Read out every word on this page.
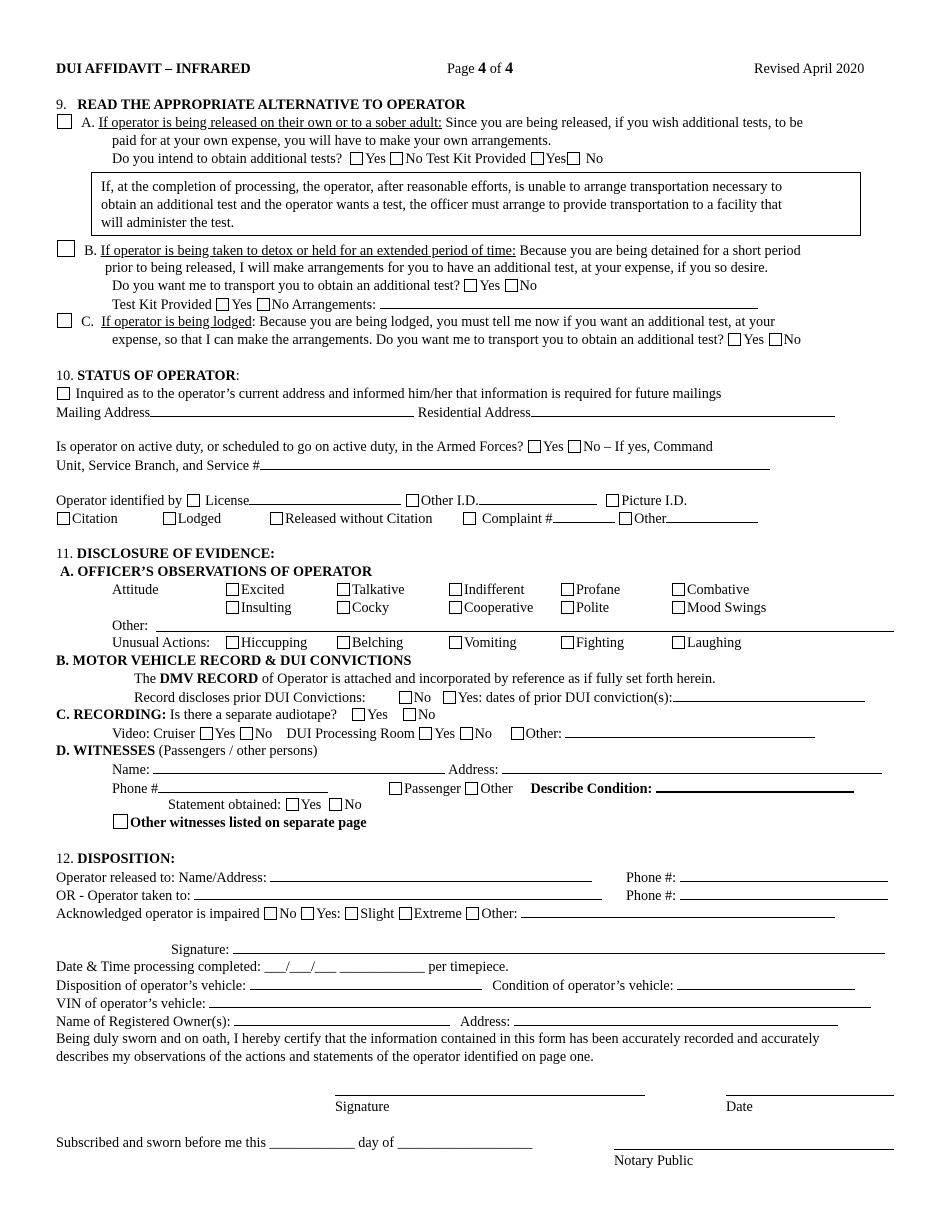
DUI AFFIDAVIT – INFRARED	Page 4 of 4	Revised April 2020
9. READ THE APPROPRIATE ALTERNATIVE TO OPERATOR
A. If operator is being released on their own or to a sober adult: Since you are being released, if you wish additional tests, to be
paid for at your own expense, you will have to make your own arrangements.
Do you intend to obtain additional tests? Yes No Test Kit Provided Yes No
If, at the completion of processing, the operator, after reasonable efforts, is unable to arrange transportation necessary to
obtain an additional test and the operator wants a test, the officer must arrange to provide transportation to a facility that
will administer the test.
B. If operator is being taken to detox or held for an extended period of time: Because you are being detained for a short period
prior to being released, I will make arrangements for you to have an additional test, at your expense, if you so desire.
Do you want me to transport you to obtain an additional test? Yes No
Test Kit Provided Yes No Arrangements:
C. If operator is being lodged: Because you are being lodged, you must tell me now if you want an additional test, at your
expense, so that I can make the arrangements. Do you want me to transport you to obtain an additional test? Yes No
10. STATUS OF OPERATOR:
Inquired as to the operator’s current address and informed him/her that information is required for future mailings
Mailing Address	Residential Address
Is operator on active duty, or scheduled to go on active duty, in the Armed Forces? Yes No – If yes, Command
Unit, Service Branch, and Service #
Operator identified by License	Other I.D.	Picture I.D.
Citation	Lodged	Released without Citation	Complaint #	Other
11. DISCLOSURE OF EVIDENCE:
A. OFFICER’S OBSERVATIONS OF OPERATOR
Attitude	Excited	Talkative	Indifferent	Profane	Combative
Insulting	Cocky	Cooperative	Polite	Mood Swings
Other:
Unusual Actions:	Hiccupping	Belching	Vomiting	Fighting	Laughing
B. MOTOR VEHICLE RECORD & DUI CONVICTIONS
The DMV RECORD of Operator is attached and incorporated by reference as if fully set forth herein.
Record discloses prior DUI Convictions:	No Yes: dates of prior DUI conviction(s):
C. RECORDING: Is there a separate audiotape? Yes No
Video: Cruiser Yes No DUI Processing Room Yes No Other:
D. WITNESSES (Passengers / other persons)
Name:	Address:
Phone #	Passenger Other Describe Condition:
Statement obtained: Yes No
Other witnesses listed on separate page
12. DISPOSITION:
Operator released to: Name/Address:	Phone #:
OR - Operator taken to:	Phone #:
Acknowledged operator is impaired No Yes: Slight Extreme Other:
Signature:
Date & Time processing completed: ___/___/___ ____________ per timepiece.
Disposition of operator’s vehicle:	Condition of operator’s vehicle:
VIN of operator’s vehicle:
Name of Registered Owner(s):	Address:
Being duly sworn and on oath, I hereby certify that the information contained in this form has been accurately recorded and accurately
describes my observations of the actions and statements of the operator identified on page one.
Signature	Date
Subscribed and sworn before me this ____________ day of ___________________
Notary Public
